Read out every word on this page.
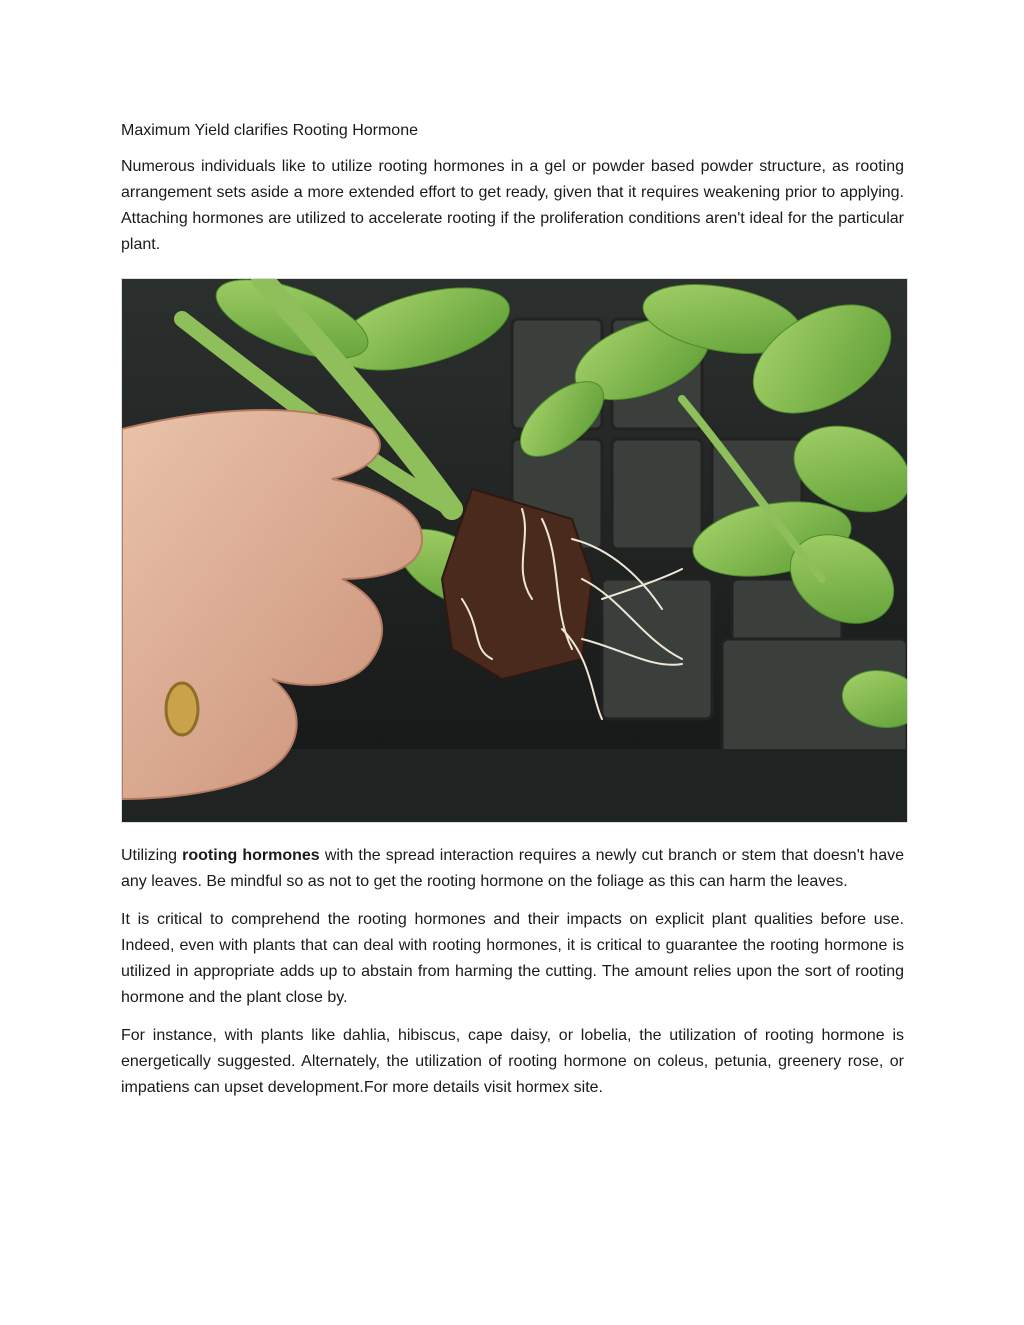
Maximum Yield clarifies Rooting Hormone

Numerous individuals like to utilize rooting hormones in a gel or powder based powder structure, as rooting arrangement sets aside a more extended effort to get ready, given that it requires weakening prior to applying. Attaching hormones are utilized to accelerate rooting if the proliferation conditions aren't ideal for the particular plant.

Utilizing rooting hormones with the spread interaction requires a newly cut branch or stem that doesn't have any leaves. Be mindful so as not to get the rooting hormone on the foliage as this can harm the leaves.

It is critical to comprehend the rooting hormones and their impacts on explicit plant qualities before use. Indeed, even with plants that can deal with rooting hormones, it is critical to guarantee the rooting hormone is utilized in appropriate adds up to abstain from harming the cutting. The amount relies upon the sort of rooting hormone and the plant close by.

For instance, with plants like dahlia, hibiscus, cape daisy, or lobelia, the utilization of rooting hormone is energetically suggested. Alternately, the utilization of rooting hormone on coleus, petunia, greenery rose, or impatiens can upset development.For more details visit hormex site.
